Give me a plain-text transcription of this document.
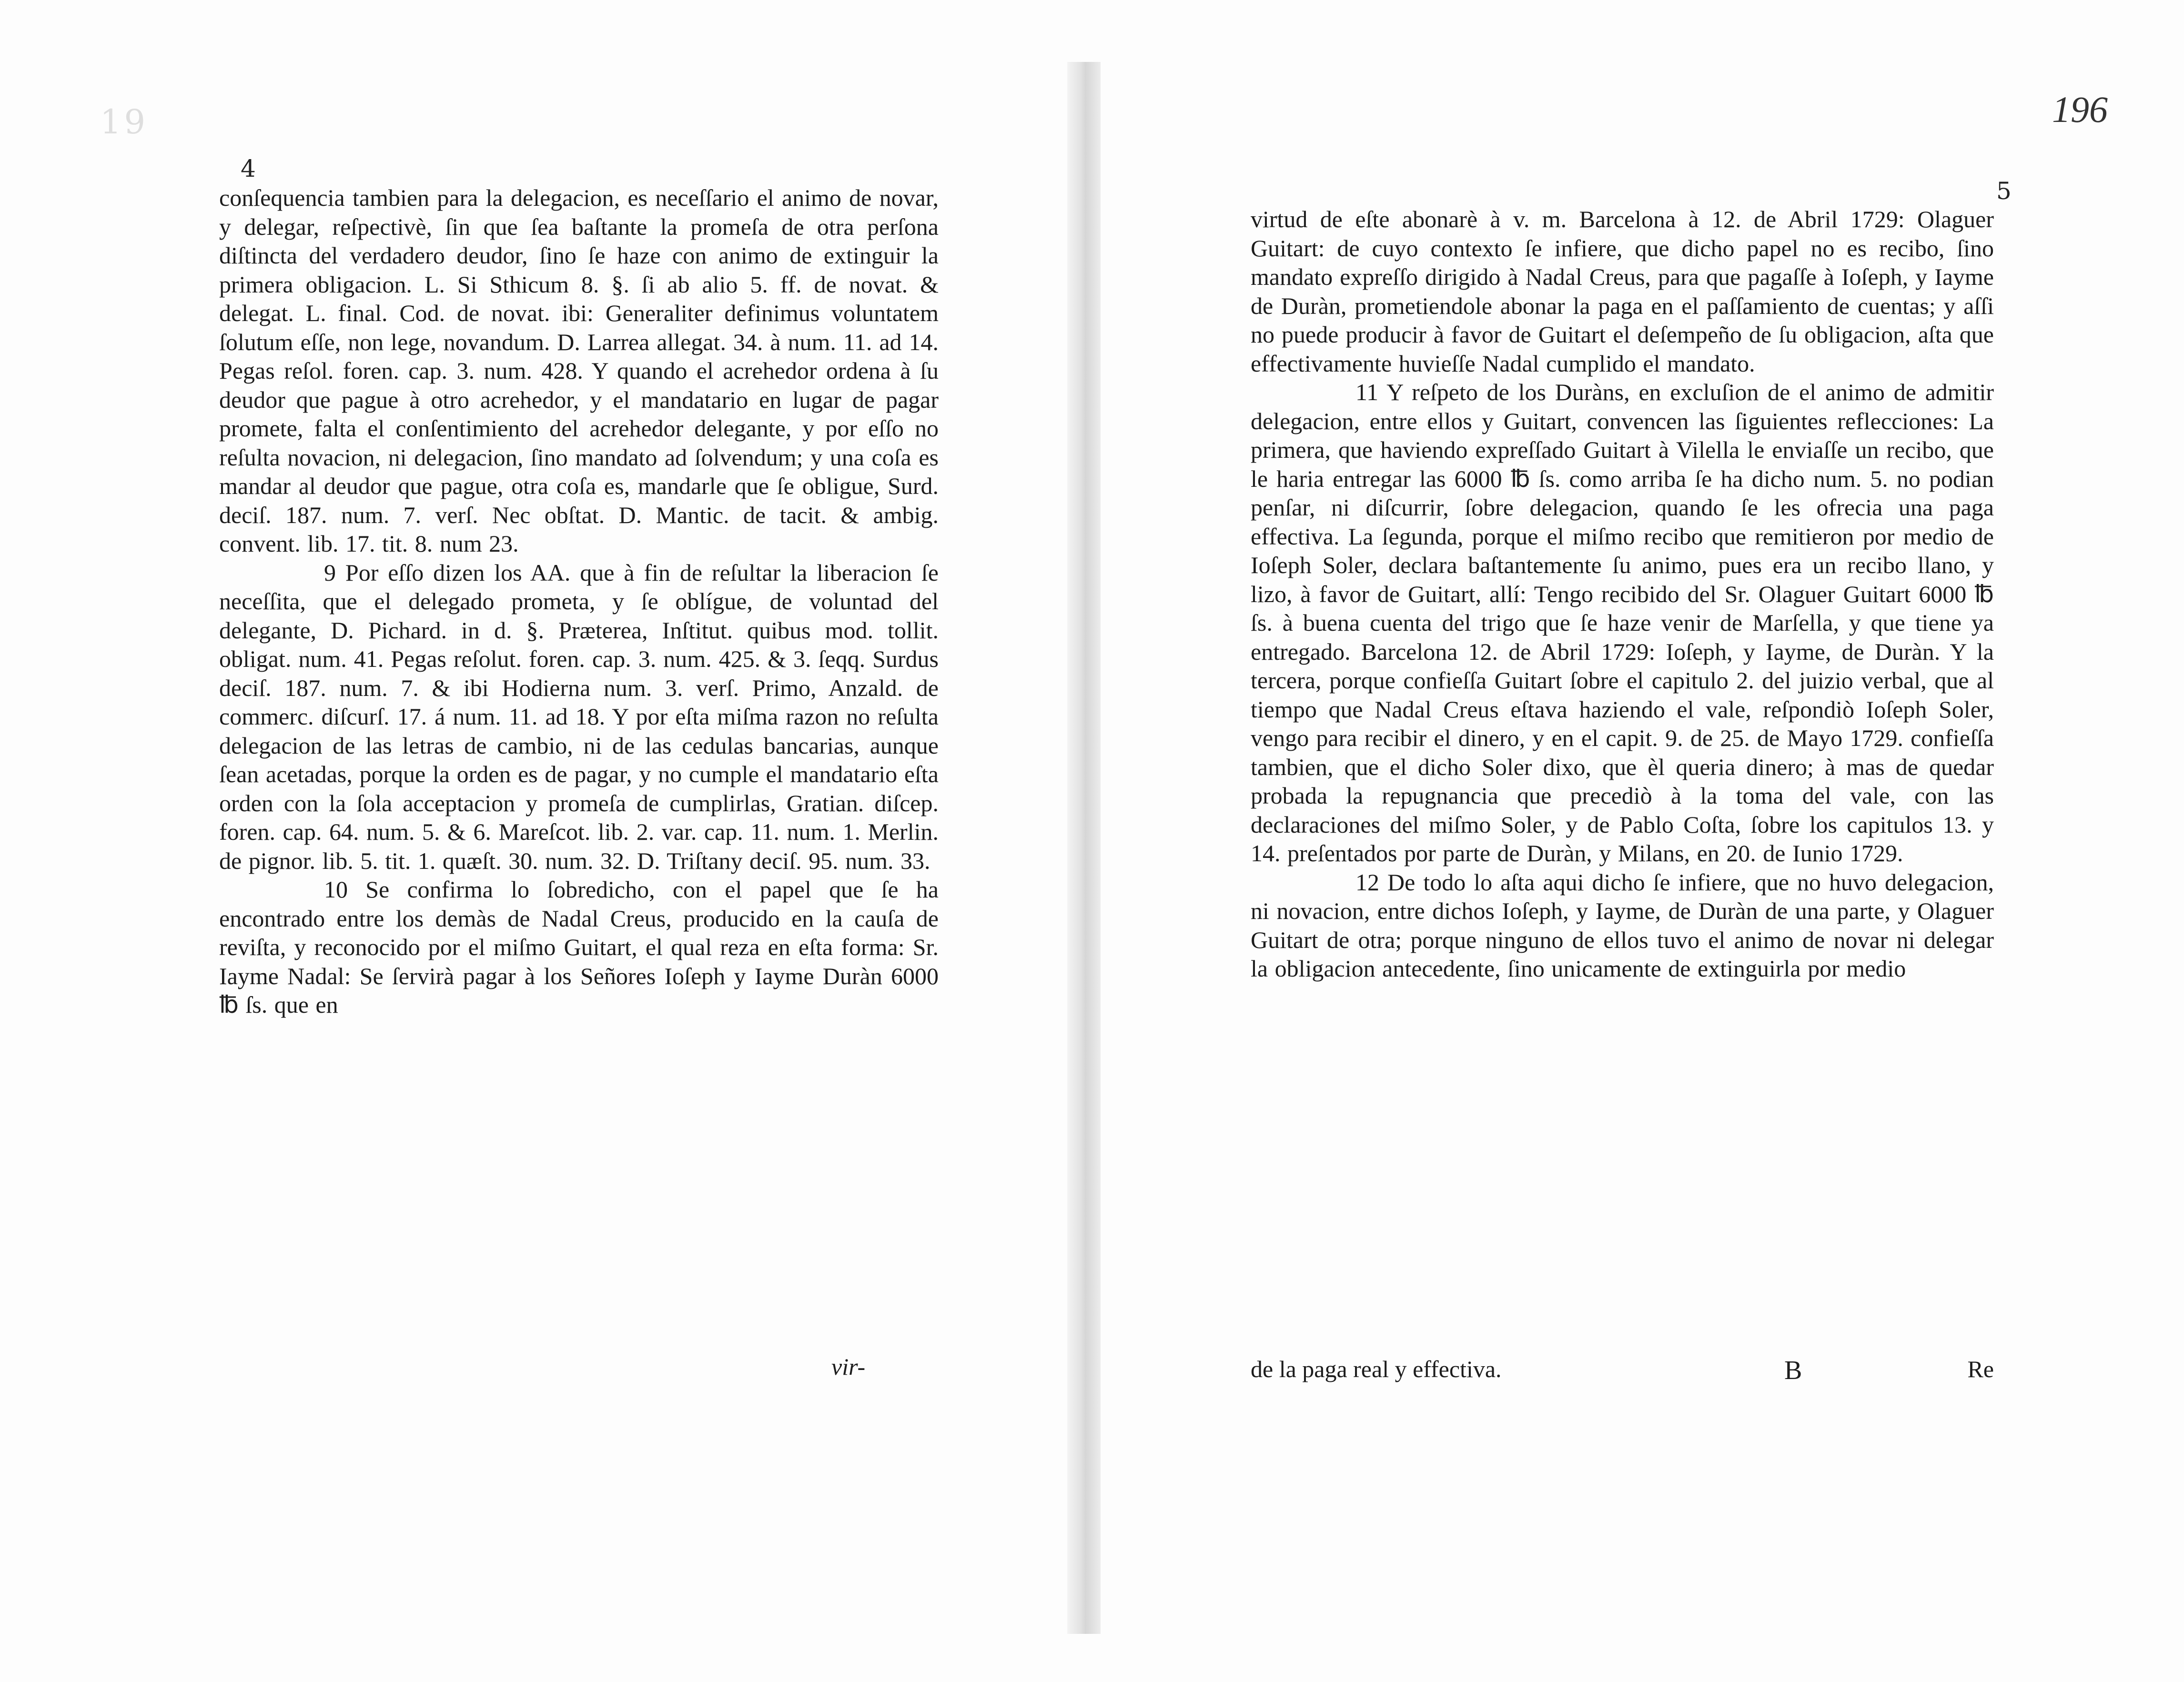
19
4

conſequencia tambien para la delegacion, es neceſſario el animo de novar, y delegar, reſpectivè, ſin que ſea baſtante la promeſa de otra perſona diſtincta del verdadero deudor, ſino ſe haze con animo de extinguir la primera obligacion. L. Si Sthicum 8. §. ſi ab alio 5. ff. de novat. & delegat. L. final. Cod. de novat. ibi: Generaliter definimus voluntatem ſolutum eſſe, non lege, novandum. D. Larrea allegat. 34. à num. 11. ad 14. Pegas reſol. foren. cap. 3. num. 428. Y quando el acrehedor ordena à ſu deudor que pague à otro acrehedor, y el mandatario en lugar de pagar promete, falta el conſentimiento del acrehedor delegante, y por eſſo no reſulta novacion, ni delegacion, ſino mandato ad ſolvendum; y una coſa es mandar al deudor que pague, otra coſa es, mandarle que ſe obligue, Surd. deciſ. 187. num. 7. verſ. Nec obſtat. D. Mantic. de tacit. & ambig. convent. lib. 17. tit. 8. num 23.

9 Por eſſo dizen los AA. que à fin de reſultar la liberacion ſe neceſſita, que el delegado prometa, y ſe oblígue, de voluntad del delegante, D. Pichard. in d. §. Præterea, Inſtitut. quibus mod. tollit. obligat. num. 41. Pegas reſolut. foren. cap. 3. num. 425. & 3. ſeqq. Surdus deciſ. 187. num. 7. & ibi Hodierna num. 3. verſ. Primo, Anzald. de commerc. diſcurſ. 17. á num. 11. ad 18. Y por eſta miſma razon no reſulta delegacion de las letras de cambio, ni de las cedulas bancarias, aunque ſean acetadas, porque la orden es de pagar, y no cumple el mandatario eſta orden con la ſola acceptacion y promeſa de cumplirlas, Gratian. diſcep. foren. cap. 64. num. 5. & 6. Mareſcot. lib. 2. var. cap. 11. num. 1. Merlin. de pignor. lib. 5. tit. 1. quæſt. 30. num. 32. D. Triſtany deciſ. 95. num. 33.

10 Se confirma lo ſobredicho, con el papel que ſe ha encontrado entre los demàs de Nadal Creus, producido en la cauſa de reviſta, y reconocido por el miſmo Guitart, el qual reza en eſta forma: Sr. Iayme Nadal: Se ſervirà pagar à los Señores Ioſeph y Iayme Duràn 6000 ℔ ſs. que en

vir-
196
5

virtud de eſte abonarè à v. m. Barcelona à 12. de Abril 1729: Olaguer Guitart: de cuyo contexto ſe infiere, que dicho papel no es recibo, ſino mandato expreſſo dirigido à Nadal Creus, para que pagaſſe à Ioſeph, y Iayme de Duràn, prometiendole abonar la paga en el paſſamiento de cuentas; y aſſi no puede producir à favor de Guitart el deſempeño de ſu obligacion, aſta que effectivamente huvieſſe Nadal cumplido el mandato.

11 Y reſpeto de los Duràns, en excluſion de el animo de admitir delegacion, entre ellos y Guitart, convencen las ſiguientes reflecciones: La primera, que haviendo expreſſado Guitart à Vilella le enviaſſe un recibo, que le haria entregar las 6000 ℔ ſs. como arriba ſe ha dicho num. 5. no podian penſar, ni diſcurrir, ſobre delegacion, quando ſe les ofrecia una paga effectiva. La ſegunda, porque el miſmo recibo que remitieron por medio de Ioſeph Soler, declara baſtantemente ſu animo, pues era un recibo llano, y lizo, à favor de Guitart, allí: Tengo recibido del Sr. Olaguer Guitart 6000 ℔ ſs. à buena cuenta del trigo que ſe haze venir de Marſella, y que tiene ya entregado. Barcelona 12. de Abril 1729: Ioſeph, y Iayme, de Duràn. Y la tercera, porque confieſſa Guitart ſobre el capitulo 2. del juizio verbal, que al tiempo que Nadal Creus eſtava haziendo el vale, reſpondiò Ioſeph Soler, vengo para recibir el dinero, y en el capit. 9. de 25. de Mayo 1729. confieſſa tambien, que el dicho Soler dixo, que èl queria dinero; à mas de quedar probada la repugnancia que precediò à la toma del vale, con las declaraciones del miſmo Soler, y de Pablo Coſta, ſobre los capitulos 13. y 14. preſentados por parte de Duràn, y Milans, en 20. de Iunio 1729.

12 De todo lo aſta aqui dicho ſe infiere, que no huvo delegacion, ni novacion, entre dichos Ioſeph, y Iayme, de Duràn de una parte, y Olaguer Guitart de otra; porque ninguno de ellos tuvo el animo de novar ni delegar la obligacion antecedente, ſino unicamente de extinguirla por medio

de la paga real y effectiva.	B	Re
